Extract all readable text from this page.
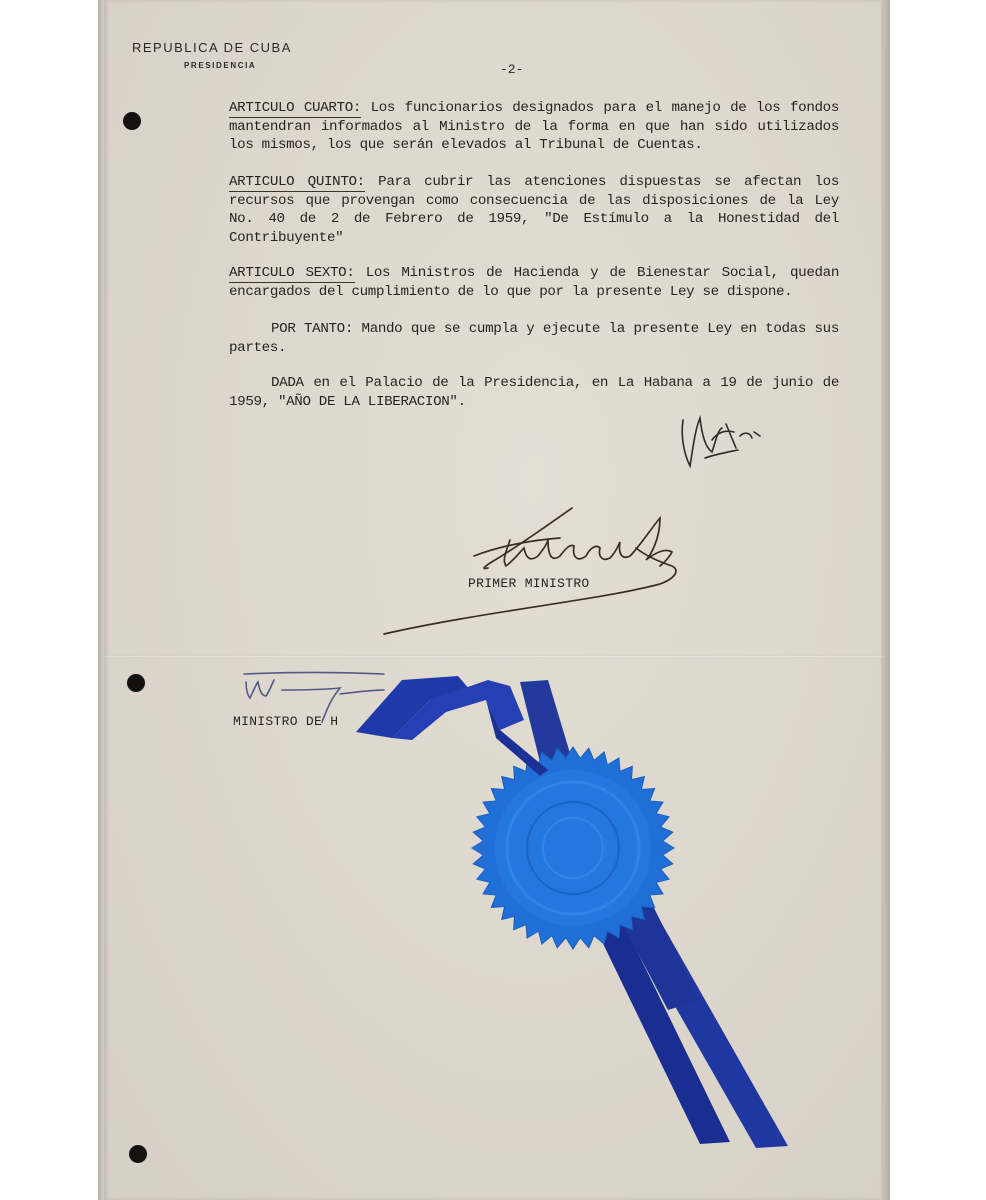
REPUBLICA DE CUBA
PRESIDENCIA	-2-
ARTICULO CUARTO: Los funcionarios designados para el manejo de los fondos mantendran informados al Ministro de la forma en que han sido utilizados los mismos, los que serán elevados al Tribunal de Cuentas.
ARTICULO QUINTO: Para cubrir las atenciones dispuestas se afectan los recursos que provengan como consecuencia de las disposiciones de la Ley No. 40 de 2 de Febrero de 1959, "De Estímulo a la Honestidad del Contribuyente"
ARTICULO SEXTO: Los Ministros de Hacienda y de Bienestar Social, quedan encargados del cumplimiento de lo que por la presente Ley se dispone.
POR TANTO: Mando que se cumpla y ejecute la presente Ley en todas sus partes.
DADA en el Palacio de la Presidencia, en La Habana a 19 de junio de 1959, "AÑO DE LA LIBERACION".
PRIMER MINISTRO
MINISTRO DE H
